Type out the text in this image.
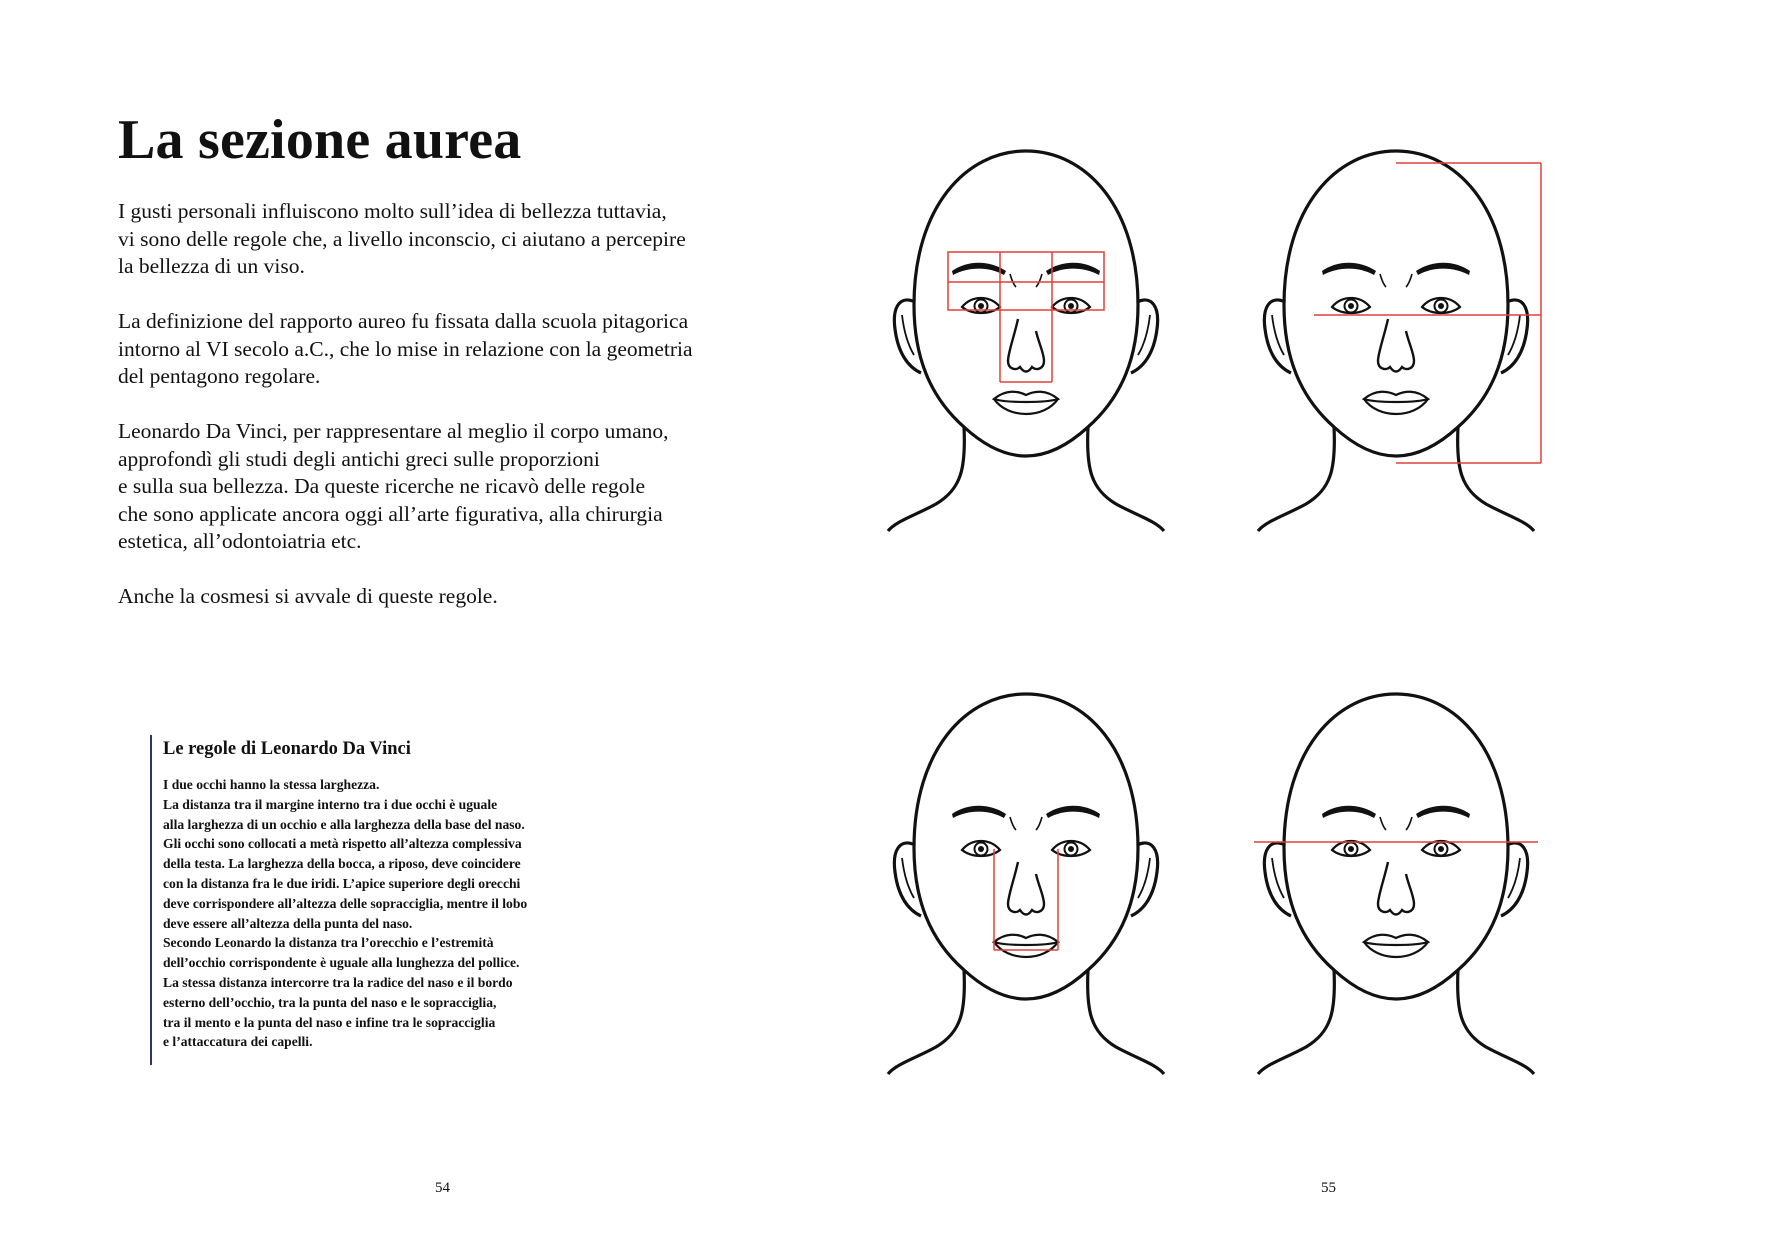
La sezione aurea

I gusti personali influiscono molto sull’idea di bellezza tuttavia,
vi sono delle regole che, a livello inconscio, ci aiutano a percepire
la bellezza di un viso.

La definizione del rapporto aureo fu fissata dalla scuola pitagorica
intorno al VI secolo a.C., che lo mise in relazione con la geometria
del pentagono regolare.

Leonardo Da Vinci, per rappresentare al meglio il corpo umano,
approfondì gli studi degli antichi greci sulle proporzioni
e sulla sua bellezza. Da queste ricerche ne ricavò delle regole
che sono applicate ancora oggi all’arte figurativa, alla chirurgia
estetica, all’odontoiatria etc.

Anche la cosmesi si avvale di queste regole.

Le regole di Leonardo Da Vinci
I due occhi hanno la stessa larghezza.
La distanza tra il margine interno tra i due occhi è uguale
alla larghezza di un occhio e alla larghezza della base del naso.
Gli occhi sono collocati a metà rispetto all’altezza complessiva
della testa. La larghezza della bocca, a riposo, deve coincidere
con la distanza fra le due iridi. L’apice superiore degli orecchi
deve corrispondere all’altezza delle sopracciglia, mentre il lobo
deve essere all’altezza della punta del naso.
Secondo Leonardo la distanza tra l’orecchio e l’estremità
dell’occhio corrispondente è uguale alla lunghezza del pollice.
La stessa distanza intercorre tra la radice del naso e il bordo
esterno dell’occhio, tra la punta del naso e le sopracciglia,
tra il mento e la punta del naso e infine tra le sopracciglia
e l’attaccatura dei capelli.
54	55
